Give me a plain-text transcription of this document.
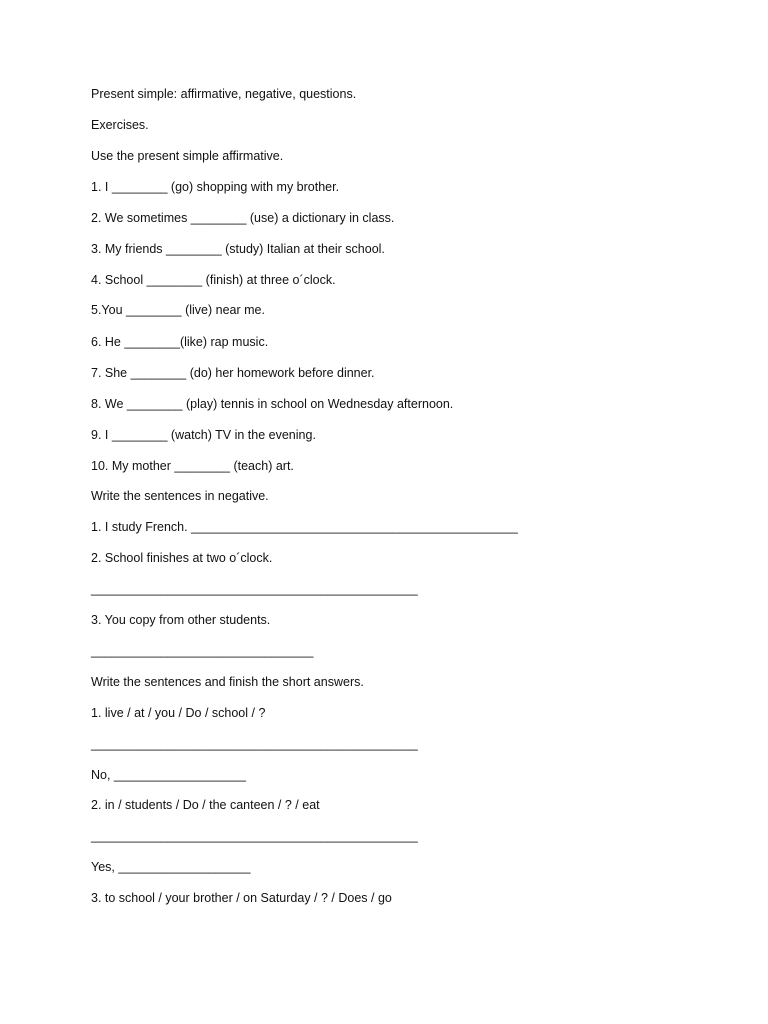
Present simple: affirmative, negative, questions.
Exercises.
Use the present simple affirmative.
1. I ________ (go) shopping with my brother.
2. We sometimes ________ (use) a dictionary in class.
3. My friends ________ (study) Italian at their school.
4. School ________ (finish) at three o´clock.
5.You ________ (live) near me.
6. He ________(like) rap music.
7. She ________ (do) her homework before dinner.
8. We ________ (play) tennis in school on Wednesday afternoon.
9. I ________ (watch) TV in the evening.
10. My mother ________ (teach) art.
Write the sentences in negative.
1. I study French. _______________________________________________
2. School finishes at two o´clock.
_______________________________________________
3. You copy from other students.
________________________________
Write the sentences and finish the short answers.
1. live / at / you / Do / school / ?
_______________________________________________
No, ___________________
2. in / students / Do / the canteen / ? / eat
_______________________________________________
Yes, ___________________
3. to school / your brother / on Saturday / ? / Does / go
